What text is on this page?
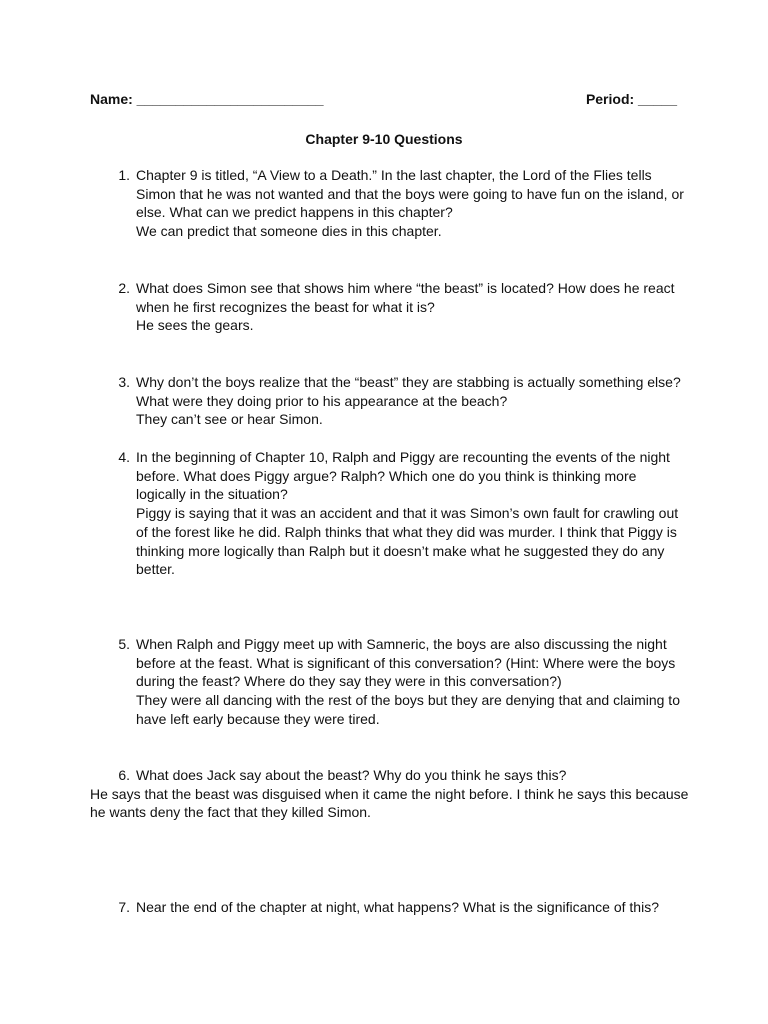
Name: ________________________	Period: _____
Chapter 9-10 Questions
1. Chapter 9 is titled, “A View to a Death.” In the last chapter, the Lord of the Flies tells Simon that he was not wanted and that the boys were going to have fun on the island, or else. What can we predict happens in this chapter?
We can predict that someone dies in this chapter.
2. What does Simon see that shows him where “the beast” is located? How does he react when he first recognizes the beast for what it is?
He sees the gears.
3. Why don’t the boys realize that the “beast” they are stabbing is actually something else? What were they doing prior to his appearance at the beach?
They can’t see or hear Simon.
4. In the beginning of Chapter 10, Ralph and Piggy are recounting the events of the night before. What does Piggy argue? Ralph? Which one do you think is thinking more logically in the situation?
Piggy is saying that it was an accident and that it was Simon’s own fault for crawling out of the forest like he did. Ralph thinks that what they did was murder. I think that Piggy is thinking more logically than Ralph but it doesn’t make what he suggested they do any better.
5. When Ralph and Piggy meet up with Samneric, the boys are also discussing the night before at the feast. What is significant of this conversation? (Hint: Where were the boys during the feast? Where do they say they were in this conversation?)
They were all dancing with the rest of the boys but they are denying that and claiming to have left early because they were tired.
6. What does Jack say about the beast? Why do you think he says this?
He says that the beast was disguised when it came the night before. I think he says this because he wants deny the fact that they killed Simon.
7. Near the end of the chapter at night, what happens? What is the significance of this?
